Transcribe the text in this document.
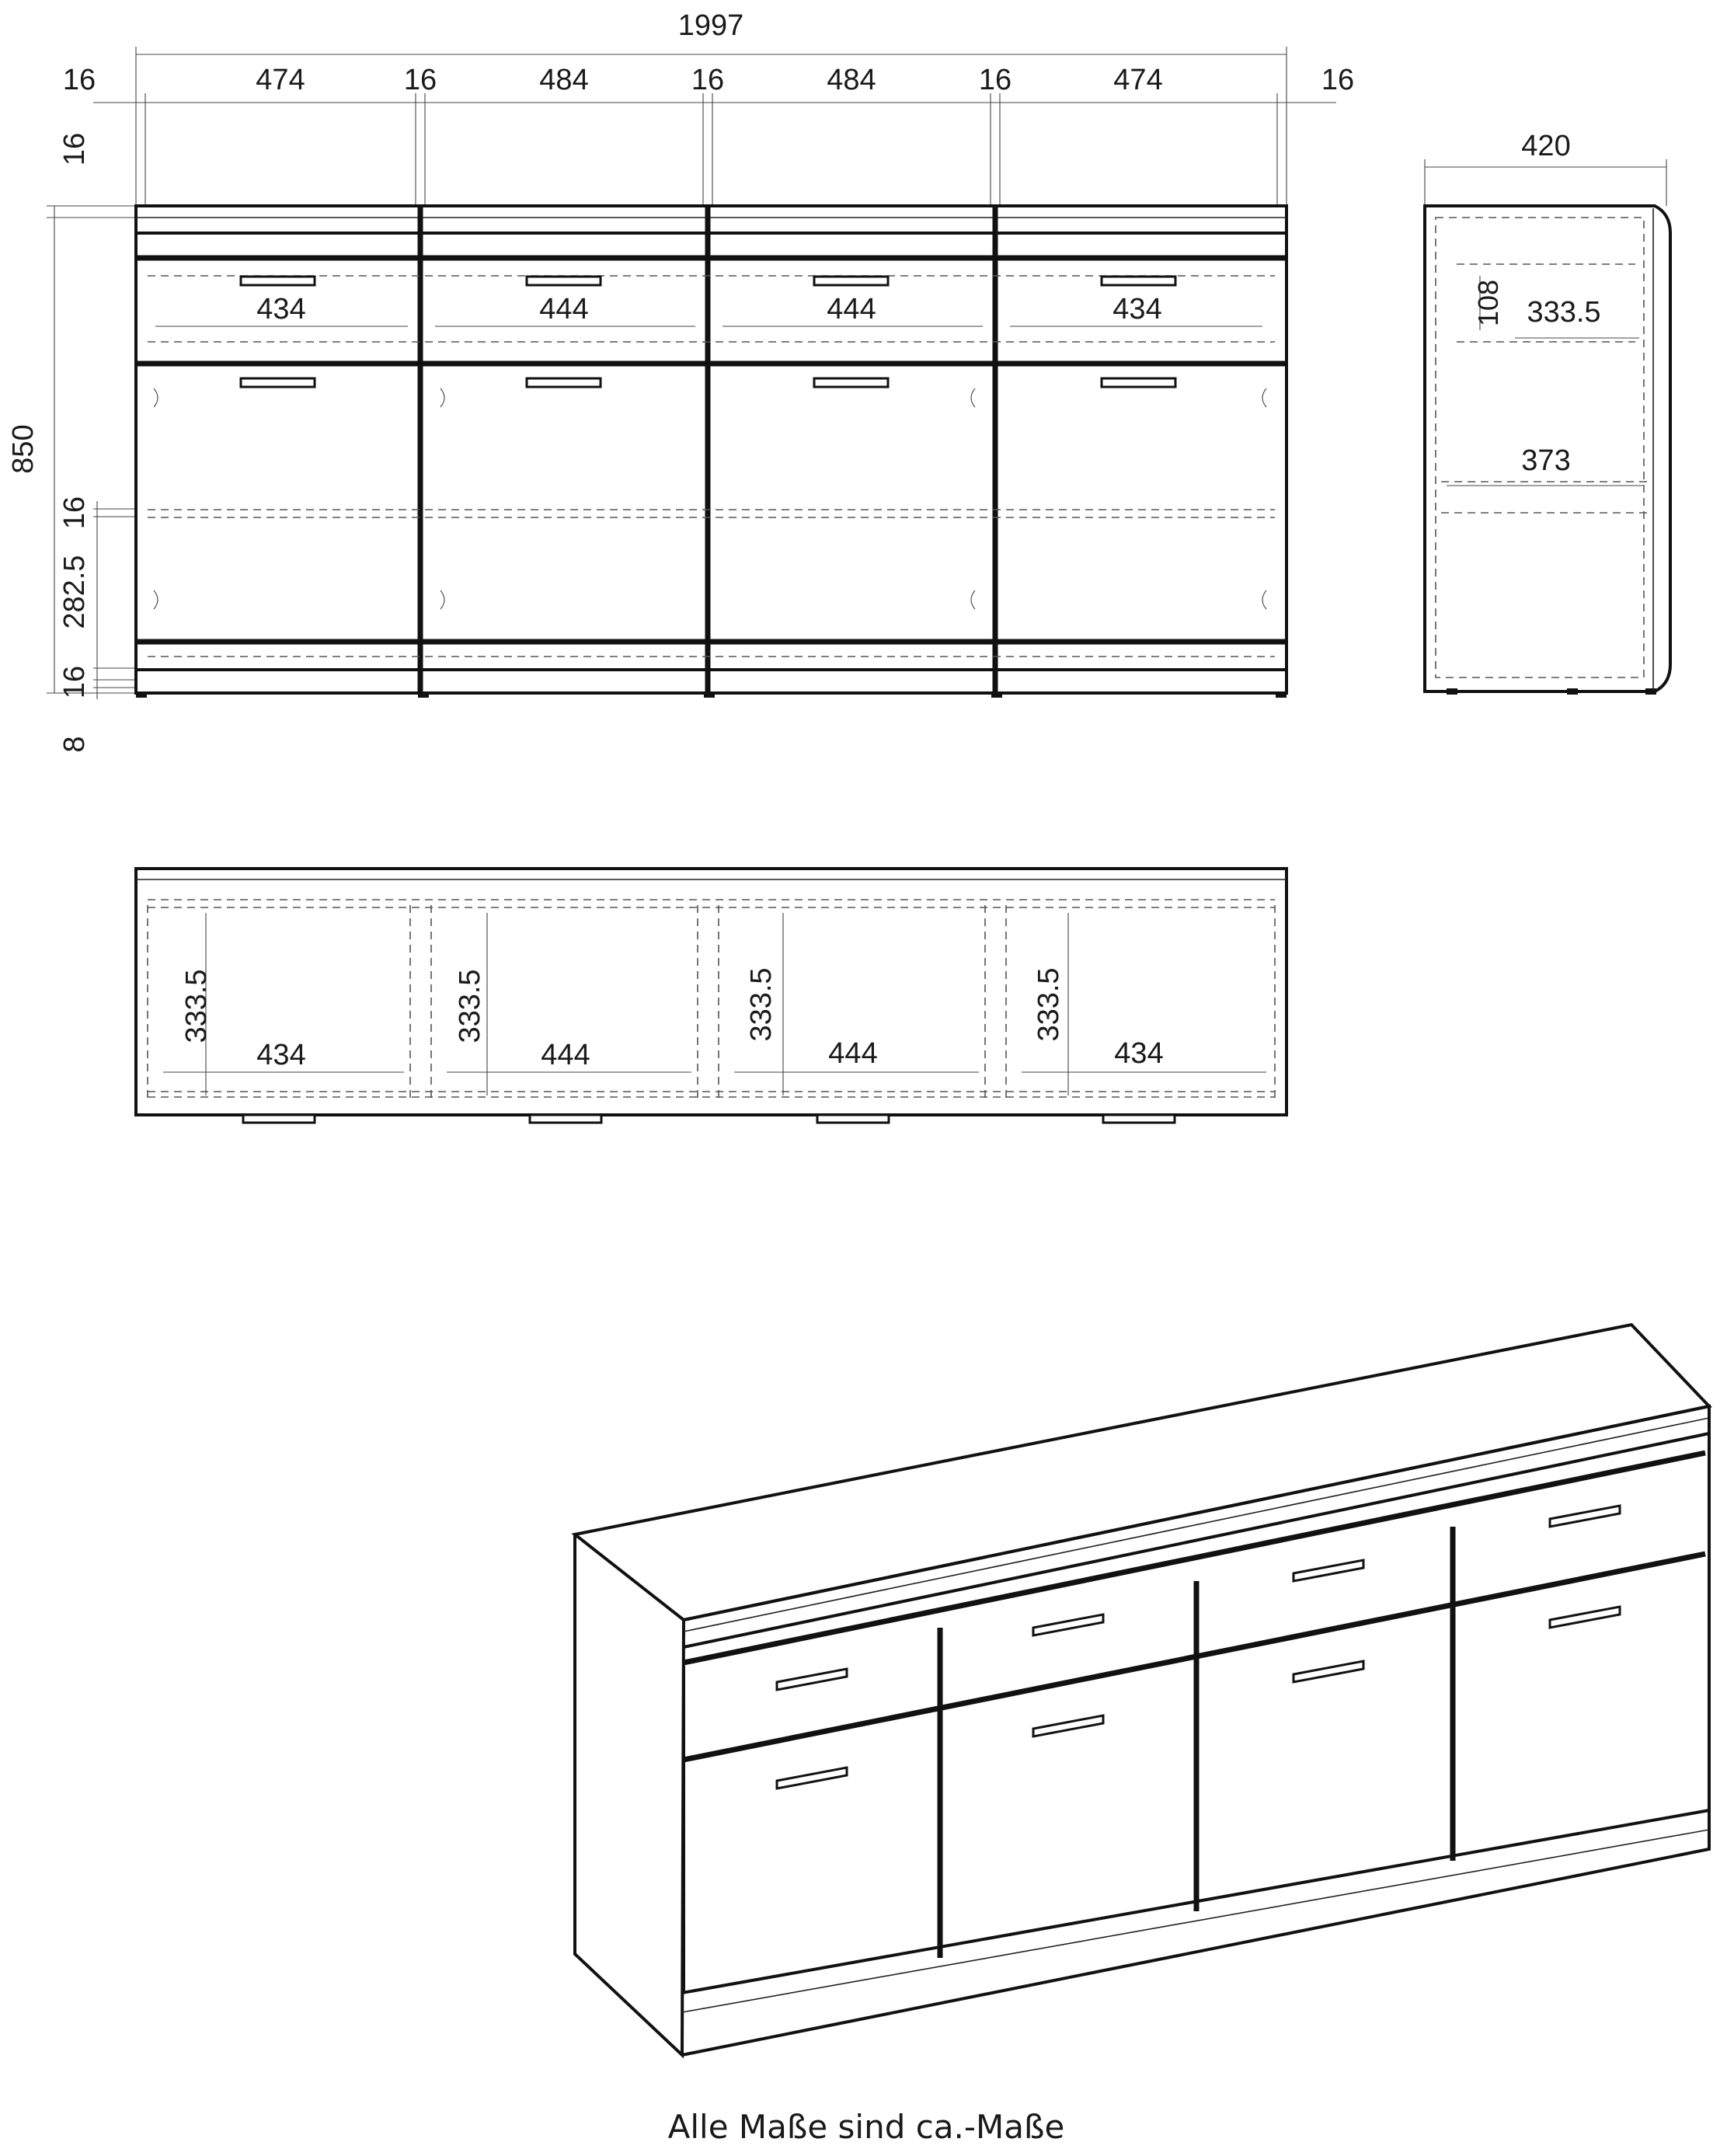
1997
16	474	16	484	16	484	16	474	16
16
850
16
282.5
16
8
434	444	444	434
420
108 333.5
373
333.5	333.5	333.5	333.5
434	444	444	434
Alle Maße sind ca.-Maße
